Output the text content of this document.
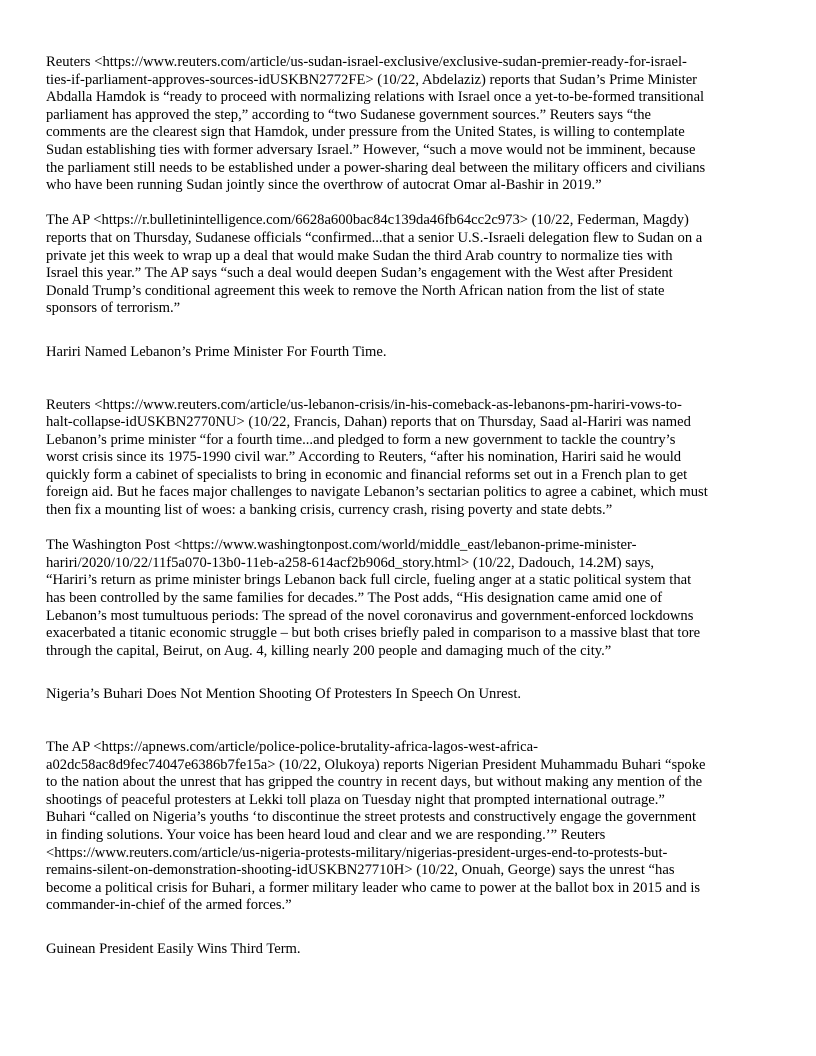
Reuters <https://www.reuters.com/article/us-sudan-israel-exclusive/exclusive-sudan-premier-ready-for-israel-
ties-if-parliament-approves-sources-idUSKBN2772FE> (10/22, Abdelaziz) reports that Sudan’s Prime Minister
Abdalla Hamdok is “ready to proceed with normalizing relations with Israel once a yet-to-be-formed transitional
parliament has approved the step,” according to “two Sudanese government sources.” Reuters says “the
comments are the clearest sign that Hamdok, under pressure from the United States, is willing to contemplate
Sudan establishing ties with former adversary Israel.” However, “such a move would not be imminent, because
the parliament still needs to be established under a power-sharing deal between the military officers and civilians
who have been running Sudan jointly since the overthrow of autocrat Omar al-Bashir in 2019.”

The AP <https://r.bulletinintelligence.com/6628a600bac84c139da46fb64cc2c973> (10/22, Federman, Magdy)
reports that on Thursday, Sudanese officials “confirmed...that a senior U.S.-Israeli delegation flew to Sudan on a
private jet this week to wrap up a deal that would make Sudan the third Arab country to normalize ties with
Israel this year.” The AP says “such a deal would deepen Sudan’s engagement with the West after President
Donald Trump’s conditional agreement this week to remove the North African nation from the list of state
sponsors of terrorism.”

Hariri Named Lebanon’s Prime Minister For Fourth Time.

Reuters <https://www.reuters.com/article/us-lebanon-crisis/in-his-comeback-as-lebanons-pm-hariri-vows-to-
halt-collapse-idUSKBN2770NU> (10/22, Francis, Dahan) reports that on Thursday, Saad al-Hariri was named
Lebanon’s prime minister “for a fourth time...and pledged to form a new government to tackle the country’s
worst crisis since its 1975-1990 civil war.” According to Reuters, “after his nomination, Hariri said he would
quickly form a cabinet of specialists to bring in economic and financial reforms set out in a French plan to get
foreign aid. But he faces major challenges to navigate Lebanon’s sectarian politics to agree a cabinet, which must
then fix a mounting list of woes: a banking crisis, currency crash, rising poverty and state debts.”

The Washington Post <https://www.washingtonpost.com/world/middle_east/lebanon-prime-minister-
hariri/2020/10/22/11f5a070-13b0-11eb-a258-614acf2b906d_story.html> (10/22, Dadouch, 14.2M) says,
“Hariri’s return as prime minister brings Lebanon back full circle, fueling anger at a static political system that
has been controlled by the same families for decades.” The Post adds, “His designation came amid one of
Lebanon’s most tumultuous periods: The spread of the novel coronavirus and government-enforced lockdowns
exacerbated a titanic economic struggle – but both crises briefly paled in comparison to a massive blast that tore
through the capital, Beirut, on Aug. 4, killing nearly 200 people and damaging much of the city.”

Nigeria’s Buhari Does Not Mention Shooting Of Protesters In Speech On Unrest.

The AP <https://apnews.com/article/police-police-brutality-africa-lagos-west-africa-
a02dc58ac8d9fec74047e6386b7fe15a> (10/22, Olukoya) reports Nigerian President Muhammadu Buhari “spoke
to the nation about the unrest that has gripped the country in recent days, but without making any mention of the
shootings of peaceful protesters at Lekki toll plaza on Tuesday night that prompted international outrage.”
Buhari “called on Nigeria’s youths ‘to discontinue the street protests and constructively engage the government
in finding solutions. Your voice has been heard loud and clear and we are responding.’” Reuters
<https://www.reuters.com/article/us-nigeria-protests-military/nigerias-president-urges-end-to-protests-but-
remains-silent-on-demonstration-shooting-idUSKBN27710H> (10/22, Onuah, George) says the unrest “has
become a political crisis for Buhari, a former military leader who came to power at the ballot box in 2015 and is
commander-in-chief of the armed forces.”

Guinean President Easily Wins Third Term.
